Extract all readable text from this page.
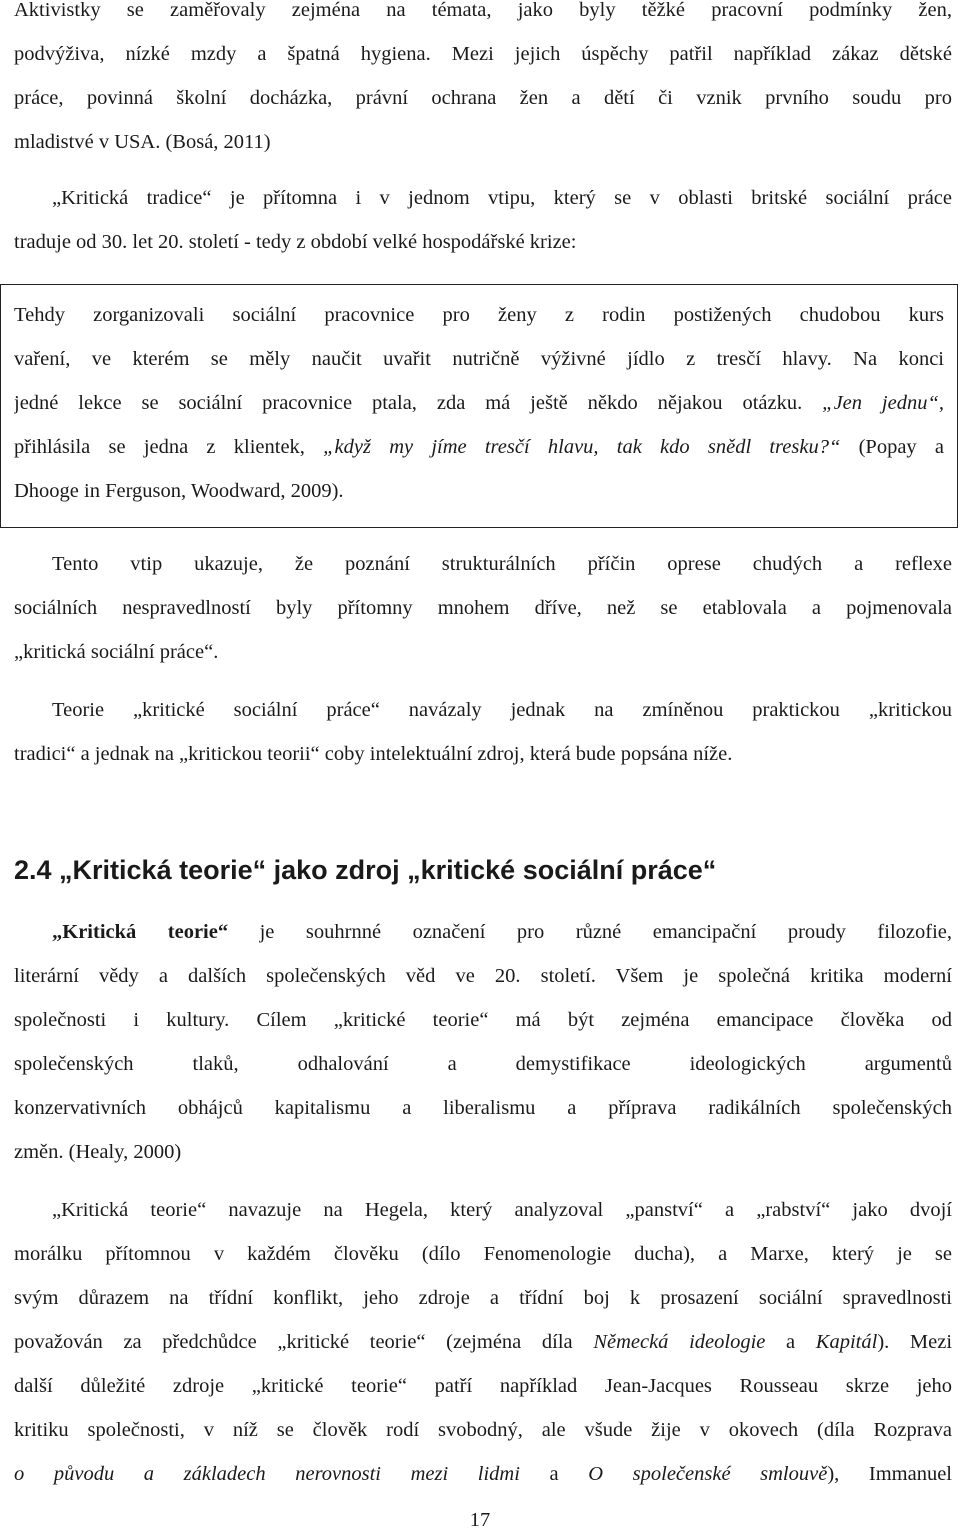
Aktivistky se zaměřovaly zejména na témata, jako byly těžké pracovní podmínky žen,
podvýživa, nízké mzdy a špatná hygiena. Mezi jejich úspěchy patřil například zákaz dětské
práce, povinná školní docházka, právní ochrana žen a dětí či vznik prvního soudu pro
mladistvé v USA. (Bosá, 2011)
„Kritická tradice“ je přítomna i v jednom vtipu, který se v oblasti britské sociální práce
traduje od 30. let 20. století - tedy z období velké hospodářské krize:
Tehdy zorganizovali sociální pracovnice pro ženy z rodin postižených chudobou kurs
vaření, ve kterém se měly naučit uvařit nutričně výživné jídlo z tresčí hlavy. Na konci
jedné lekce se sociální pracovnice ptala, zda má ještě někdo nějakou otázku. „Jen jednu“,
přihlásila se jedna z klientek, „když my jíme tresčí hlavu, tak kdo snědl tresku?“ (Popay a
Dhooge in Ferguson, Woodward, 2009).
Tento vtip ukazuje, že poznání strukturálních příčin oprese chudých a reflexe
sociálních nespravedlností byly přítomny mnohem dříve, než se etablovala a pojmenovala
„kritická sociální práce“.
Teorie „kritické sociální práce“ navázaly jednak na zmíněnou praktickou „kritickou
tradici“ a jednak na „kritickou teorii“ coby intelektuální zdroj, která bude popsána níže.
2.4 „Kritická teorie“ jako zdroj „kritické sociální práce“
„Kritická teorie“ je souhrnné označení pro různé emancipační proudy filozofie,
literární vědy a dalších společenských věd ve 20. století. Všem je společná kritika moderní
společnosti i kultury. Cílem „kritické teorie“ má být zejména emancipace člověka od
společenských tlaků, odhalování a demystifikace ideologických argumentů
konzervativních obhájců kapitalismu a liberalismu a příprava radikálních společenských
změn. (Healy, 2000)
„Kritická teorie“ navazuje na Hegela, který analyzoval „panství“ a „rabství“ jako dvojí
morálku přítomnou v každém člověku (dílo Fenomenologie ducha), a Marxe, který je se
svým důrazem na třídní konflikt, jeho zdroje a třídní boj k prosazení sociální spravedlnosti
považován za předchůdce „kritické teorie“ (zejména díla Německá ideologie a Kapitál). Mezi
další důležité zdroje „kritické teorie“ patří například Jean-Jacques Rousseau skrze jeho
kritiku společnosti, v níž se člověk rodí svobodný, ale všude žije v okovech (díla Rozprava
o původu a základech nerovnosti mezi lidmi a O společenské smlouvě), Immanuel
17
